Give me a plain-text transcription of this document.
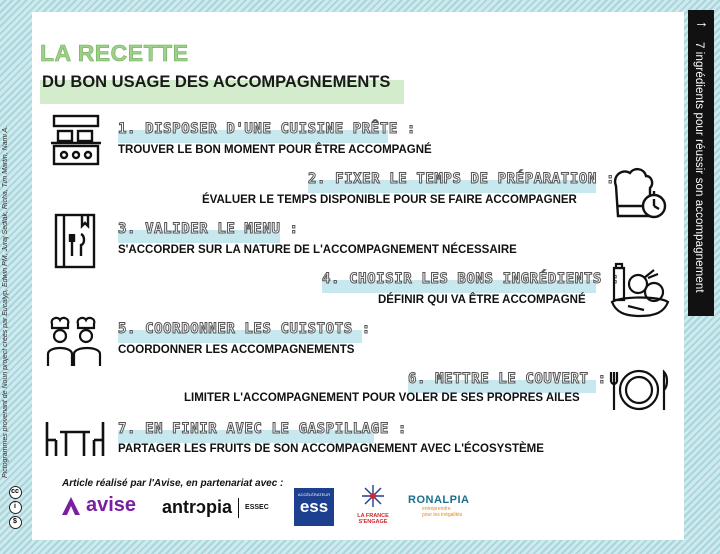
Pictogrammes provenant de Noun project créés par Eucalyp, Edwin PM, Juraj Sedlák, Richa, Tim Martin, Nami A.
cc
i
$
→
7 ingrédients pour réussir son accompagnement
LA RECETTE
DU BON USAGE DES ACCOMPAGNEMENTS
1. DISPOSER D'UNE CUISINE PRÊTE :
TROUVER LE BON MOMENT POUR ÊTRE ACCOMPAGNÉ
2. FIXER LE TEMPS DE PRÉPARATION :
ÉVALUER LE TEMPS DISPONIBLE POUR SE FAIRE ACCOMPAGNER
3. VALIDER LE MENU :
S'ACCORDER SUR LA NATURE DE L'ACCOMPAGNEMENT NÉCESSAIRE
4. CHOISIR LES BONS INGRÉDIENTS :
DÉFINIR QUI VA ÊTRE ACCOMPAGNÉ
5. COORDONNER LES CUISTOTS :
COORDONNER LES ACCOMPAGNEMENTS
6. METTRE LE COUVERT :
LIMITER L'ACCOMPAGNEMENT POUR VOLER DE SES PROPRES AILES
7. EN FINIR AVEC LE GASPILLAGE :
PARTAGER LES FRUITS DE SON ACCOMPAGNEMENT AVEC L'ÉCOSYSTÈME
Article réalisé par l'Avise, en partenariat avec :
avise antrɔpia ESSEC
ACCÉLÉRATEUR
ess	LA FRANCE
S'ENGAGE
RONALPIA
entreprendre
pour les inégalités
